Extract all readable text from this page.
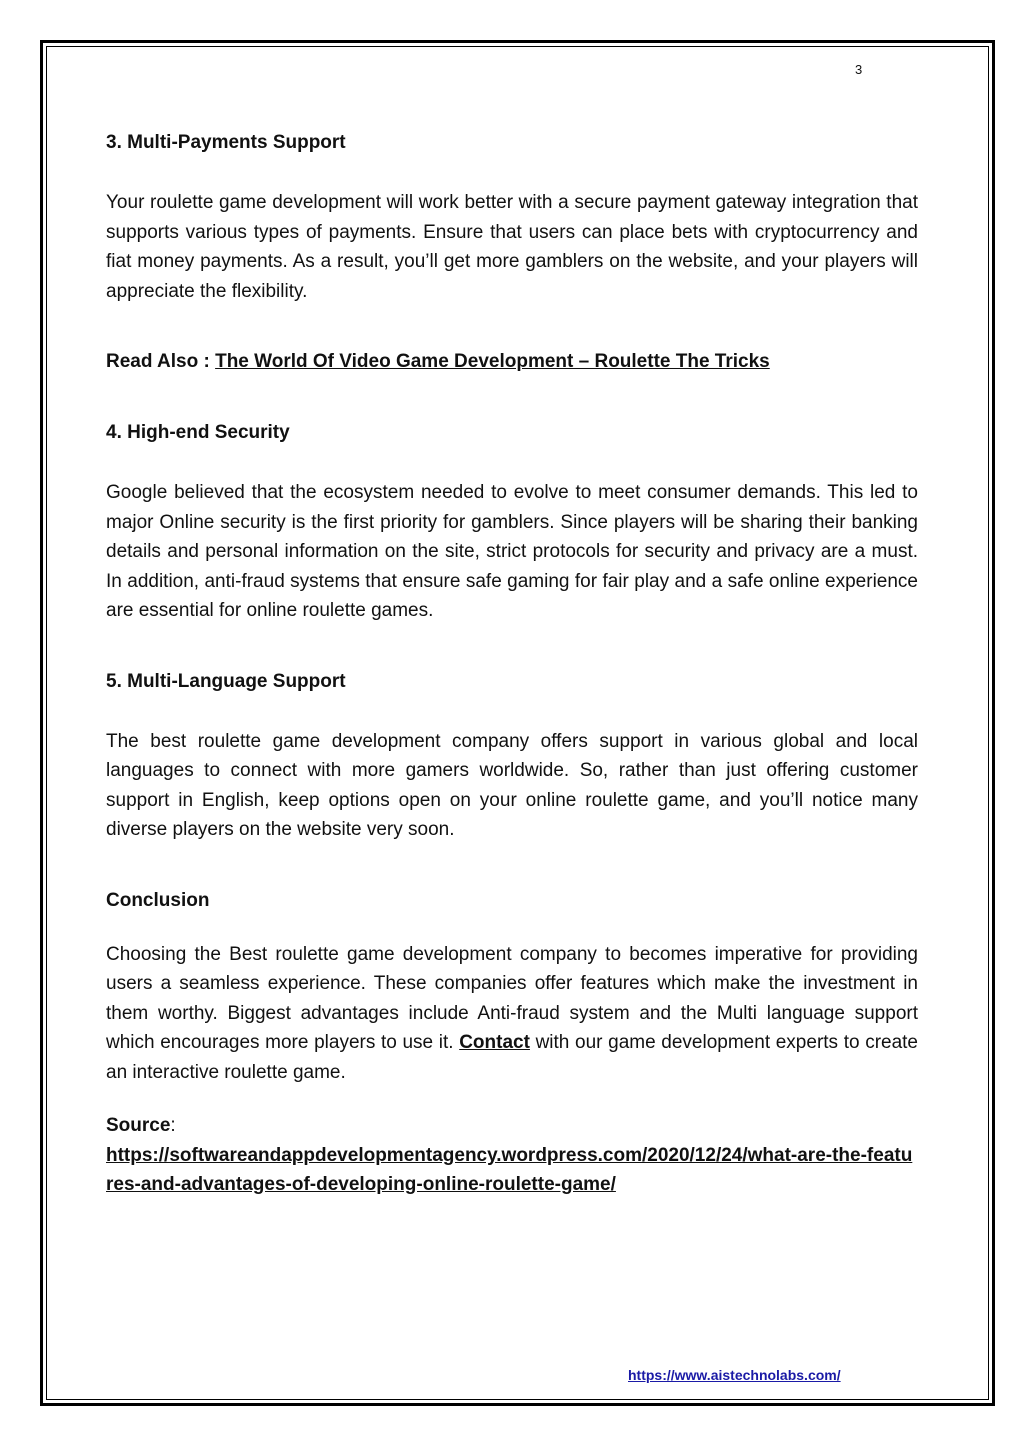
3
3. Multi-Payments Support

Your roulette game development will work better with a secure payment gateway integration that supports various types of payments. Ensure that users can place bets with cryptocurrency and fiat money payments. As a result, you’ll get more gamblers on the website, and your players will appreciate the flexibility.

Read Also : The World Of Video Game Development – Roulette The Tricks
4. High-end Security

Google believed that the ecosystem needed to evolve to meet consumer demands. This led to major Online security is the first priority for gamblers. Since players will be sharing their banking details and personal information on the site, strict protocols for security and privacy are a must. In addition, anti-fraud systems that ensure safe gaming for fair play and a safe online experience are essential for online roulette games.

5. Multi-Language Support

The best roulette game development company offers support in various global and local languages to connect with more gamers worldwide. So, rather than just offering customer support in English, keep options open on your online roulette game, and you’ll notice many diverse players on the website very soon.

Conclusion

Choosing the Best roulette game development company to becomes imperative for providing users a seamless experience. These companies offer features which make the investment in them worthy. Biggest advantages include Anti-fraud system and the Multi language support which encourages more players to use it. Contact with our game development experts to create an interactive roulette game.

Source:
https://softwareandappdevelopmentagency.wordpress.com/2020/12/24/what-are-the-features-and-advantages-of-developing-online-roulette-game/
https://www.aistechnolabs.com/
